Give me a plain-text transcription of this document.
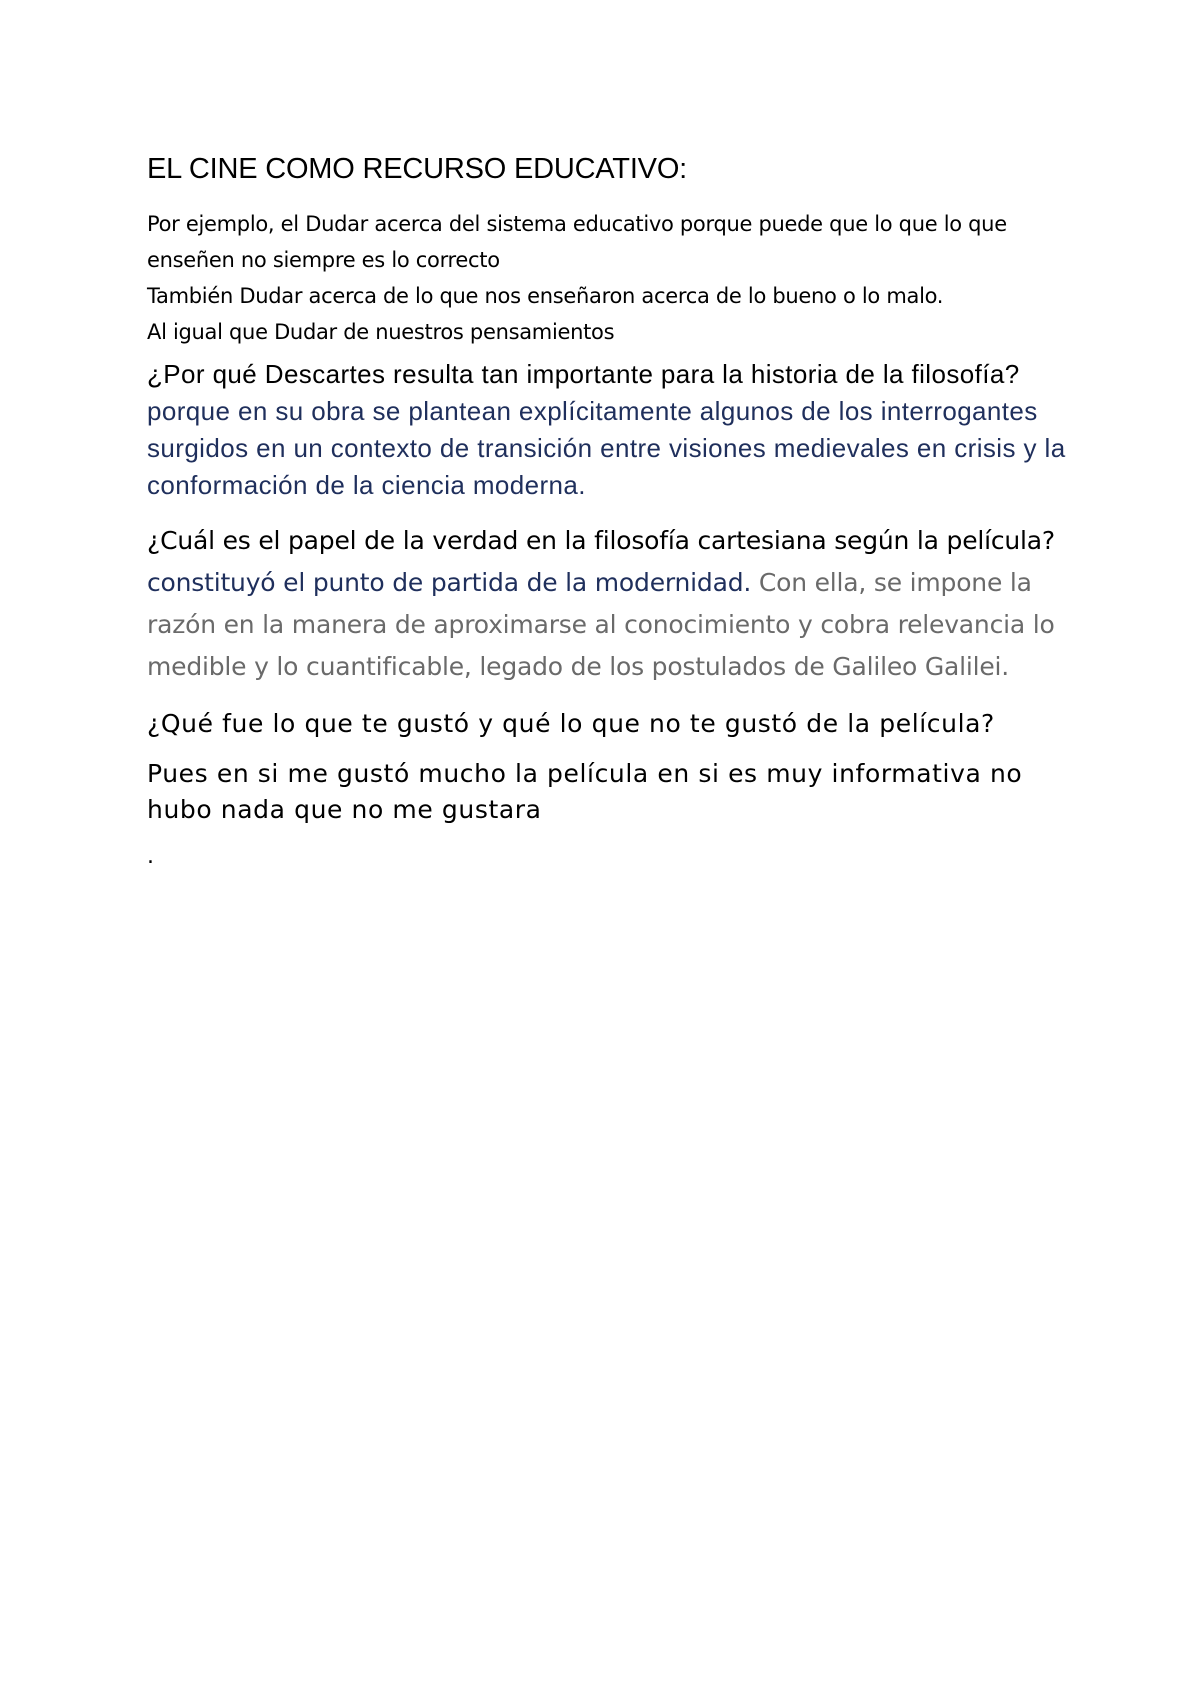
EL CINE COMO RECURSO EDUCATIVO:

Por ejemplo, el Dudar acerca del sistema educativo porque puede que lo que lo que enseñen no siempre es lo correcto

También Dudar acerca de lo que nos enseñaron acerca de lo bueno o lo malo.

Al igual que Dudar de nuestros pensamientos

¿Por qué Descartes resulta tan importante para la historia de la filosofía? porque en su obra se plantean explícitamente algunos de los interrogantes surgidos en un contexto de transición entre visiones medievales en crisis y la conformación de la ciencia moderna.

¿Cuál es el papel de la verdad en la filosofía cartesiana según la película? constituyó el punto de partida de la modernidad. Con ella, se impone la razón en la manera de aproximarse al conocimiento y cobra relevancia lo medible y lo cuantificable, legado de los postulados de Galileo Galilei.

¿Qué fue lo que te gustó y qué lo que no te gustó de la película?

Pues en si me gustó mucho la película en si es muy informativa no hubo nada que no me gustara

.
